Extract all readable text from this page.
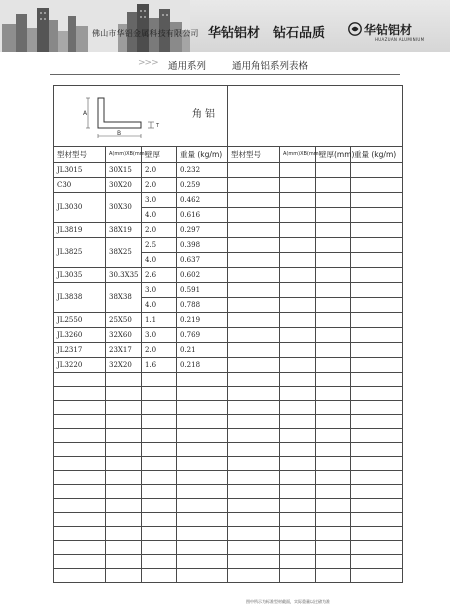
佛山市华铝金属科技有限公司 华钻铝材　钻石品质	华钻铝材
HUAZUAN ALUMINIUM
>>> 通用系列	通用角铝系列表格
A
B
T
角铝							

型材型号	A(mm)XB(mm)	壁厚	重量 (kg/m)	型材型号	A(mm)XB(mm)	壁厚(mm)	重量 (kg/m)
JL3015	30X15	2.0	0.232				
C30	30X20	2.0	0.259				
JL3030	30X30	3.0	0.462				
		4.0	0.616				
JL3819	38X19	2.0	0.297				
JL3825	38X25	2.5	0.398				
		4.0	0.637				
JL3035	30.3X35	2.6	0.602				
JL3838	38X38	3.0	0.591				
		4.0	0.788				
JL2550	25X50	1.1	0.219				
JL3260	32X60	3.0	0.769				
JL2317	23X17	2.0	0.21				
JL3220	32X20	1.6	0.218				

图中所示为标准型材截面，实际重量以过磅为准
